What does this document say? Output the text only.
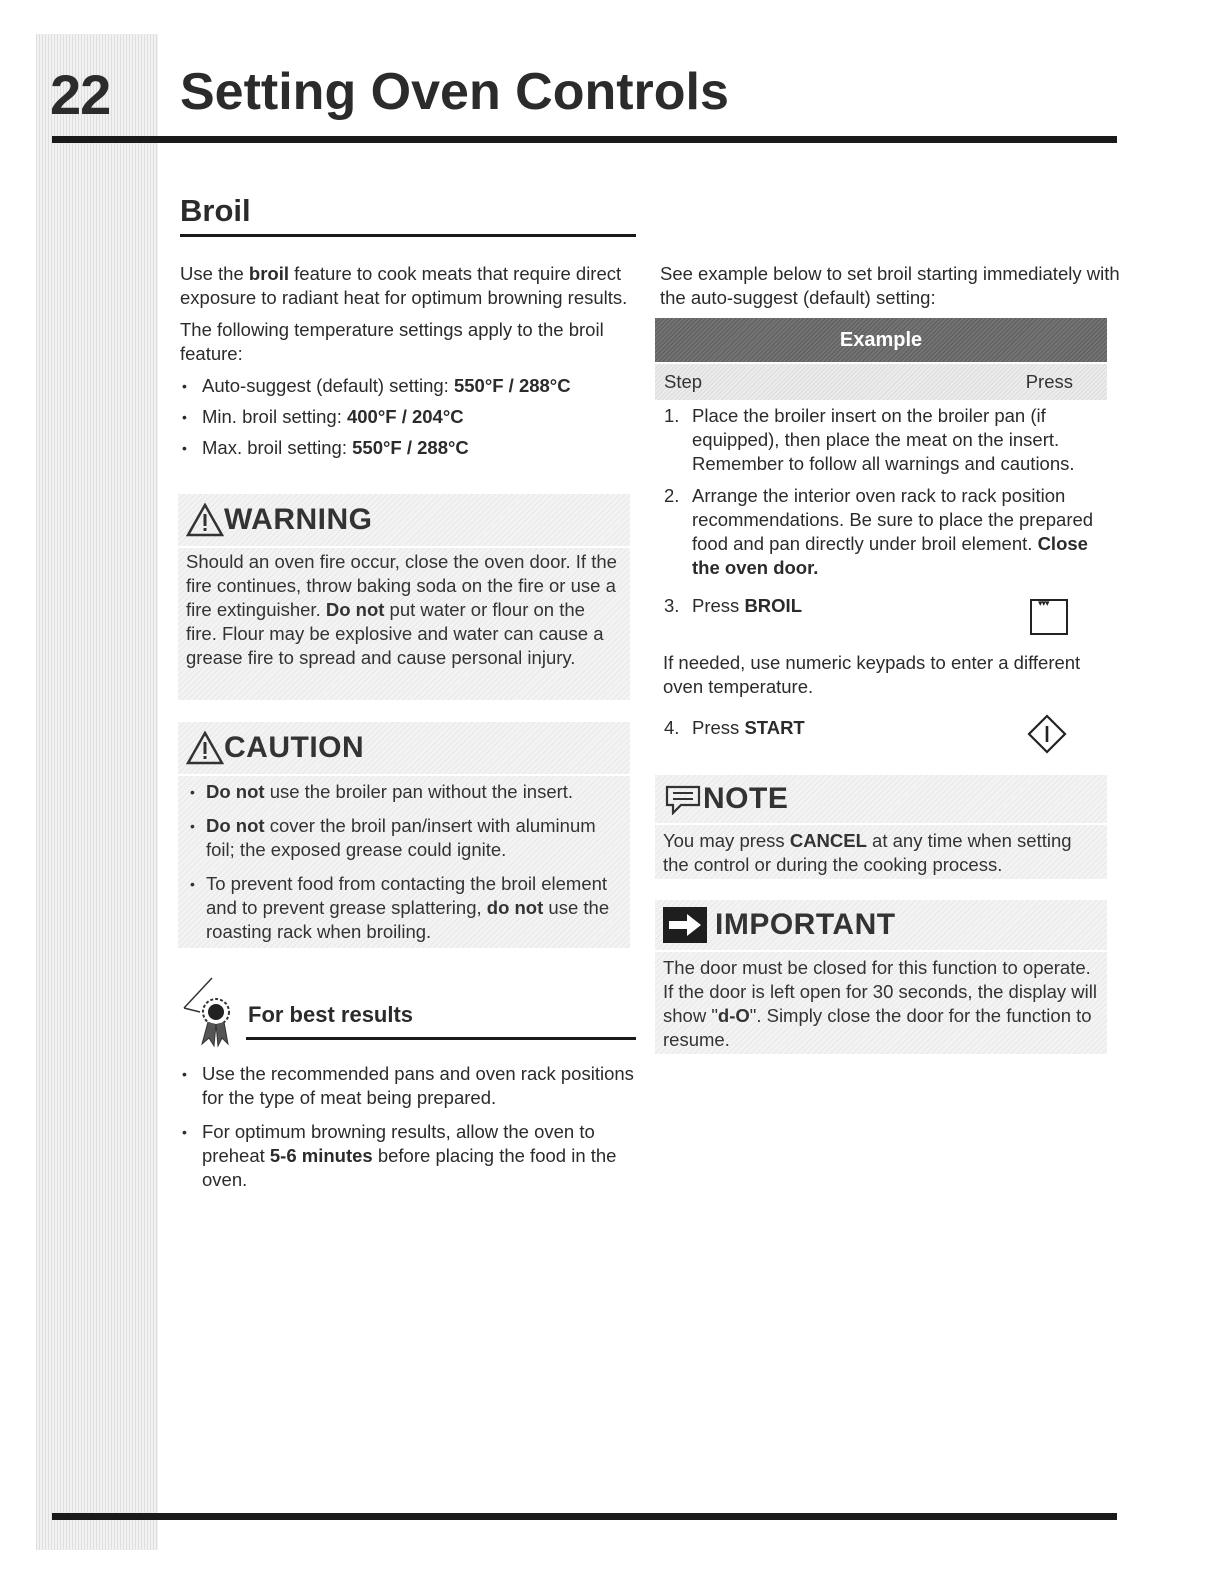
22 Setting Oven Controls
Broil

Use the broil feature to cook meats that require direct exposure to radiant heat for optimum browning results.

The following temperature settings apply to the broil feature:

• Auto-suggest (default) setting: 550°F / 288°C
• Min. broil setting: 400°F / 204°C
• Max. broil setting: 550°F / 288°C
WARNING
Should an oven fire occur, close the oven door. If the fire continues, throw baking soda on the fire or use a fire extinguisher. Do not put water or flour on the fire. Flour may be explosive and water can cause a grease fire to spread and cause personal injury.
CAUTION
• Do not use the broiler pan without the insert.
• Do not cover the broil pan/insert with aluminum foil; the exposed grease could ignite.
• To prevent food from contacting the broil element and to prevent grease splattering, do not use the roasting rack when broiling.
For best results
• Use the recommended pans and oven rack positions for the type of meat being prepared.
• For optimum browning results, allow the oven to preheat 5-6 minutes before placing the food in the oven.
See example below to set broil starting immediately with the auto-suggest (default) setting:
Example
Step	Press
1. Place the broiler insert on the broiler pan (if equipped), then place the meat on the insert. Remember to follow all warnings and cautions.
2. Arrange the interior oven rack to rack position recommendations. Be sure to place the prepared food and pan directly under broil element. Close the oven door.
3. Press BROIL
▾▾▾
If needed, use numeric keypads to enter a different oven temperature.
4. Press START
NOTE
You may press CANCEL at any time when setting the control or during the cooking process.
IMPORTANT
The door must be closed for this function to operate. If the door is left open for 30 seconds, the display will show "d-O". Simply close the door for the function to resume.
